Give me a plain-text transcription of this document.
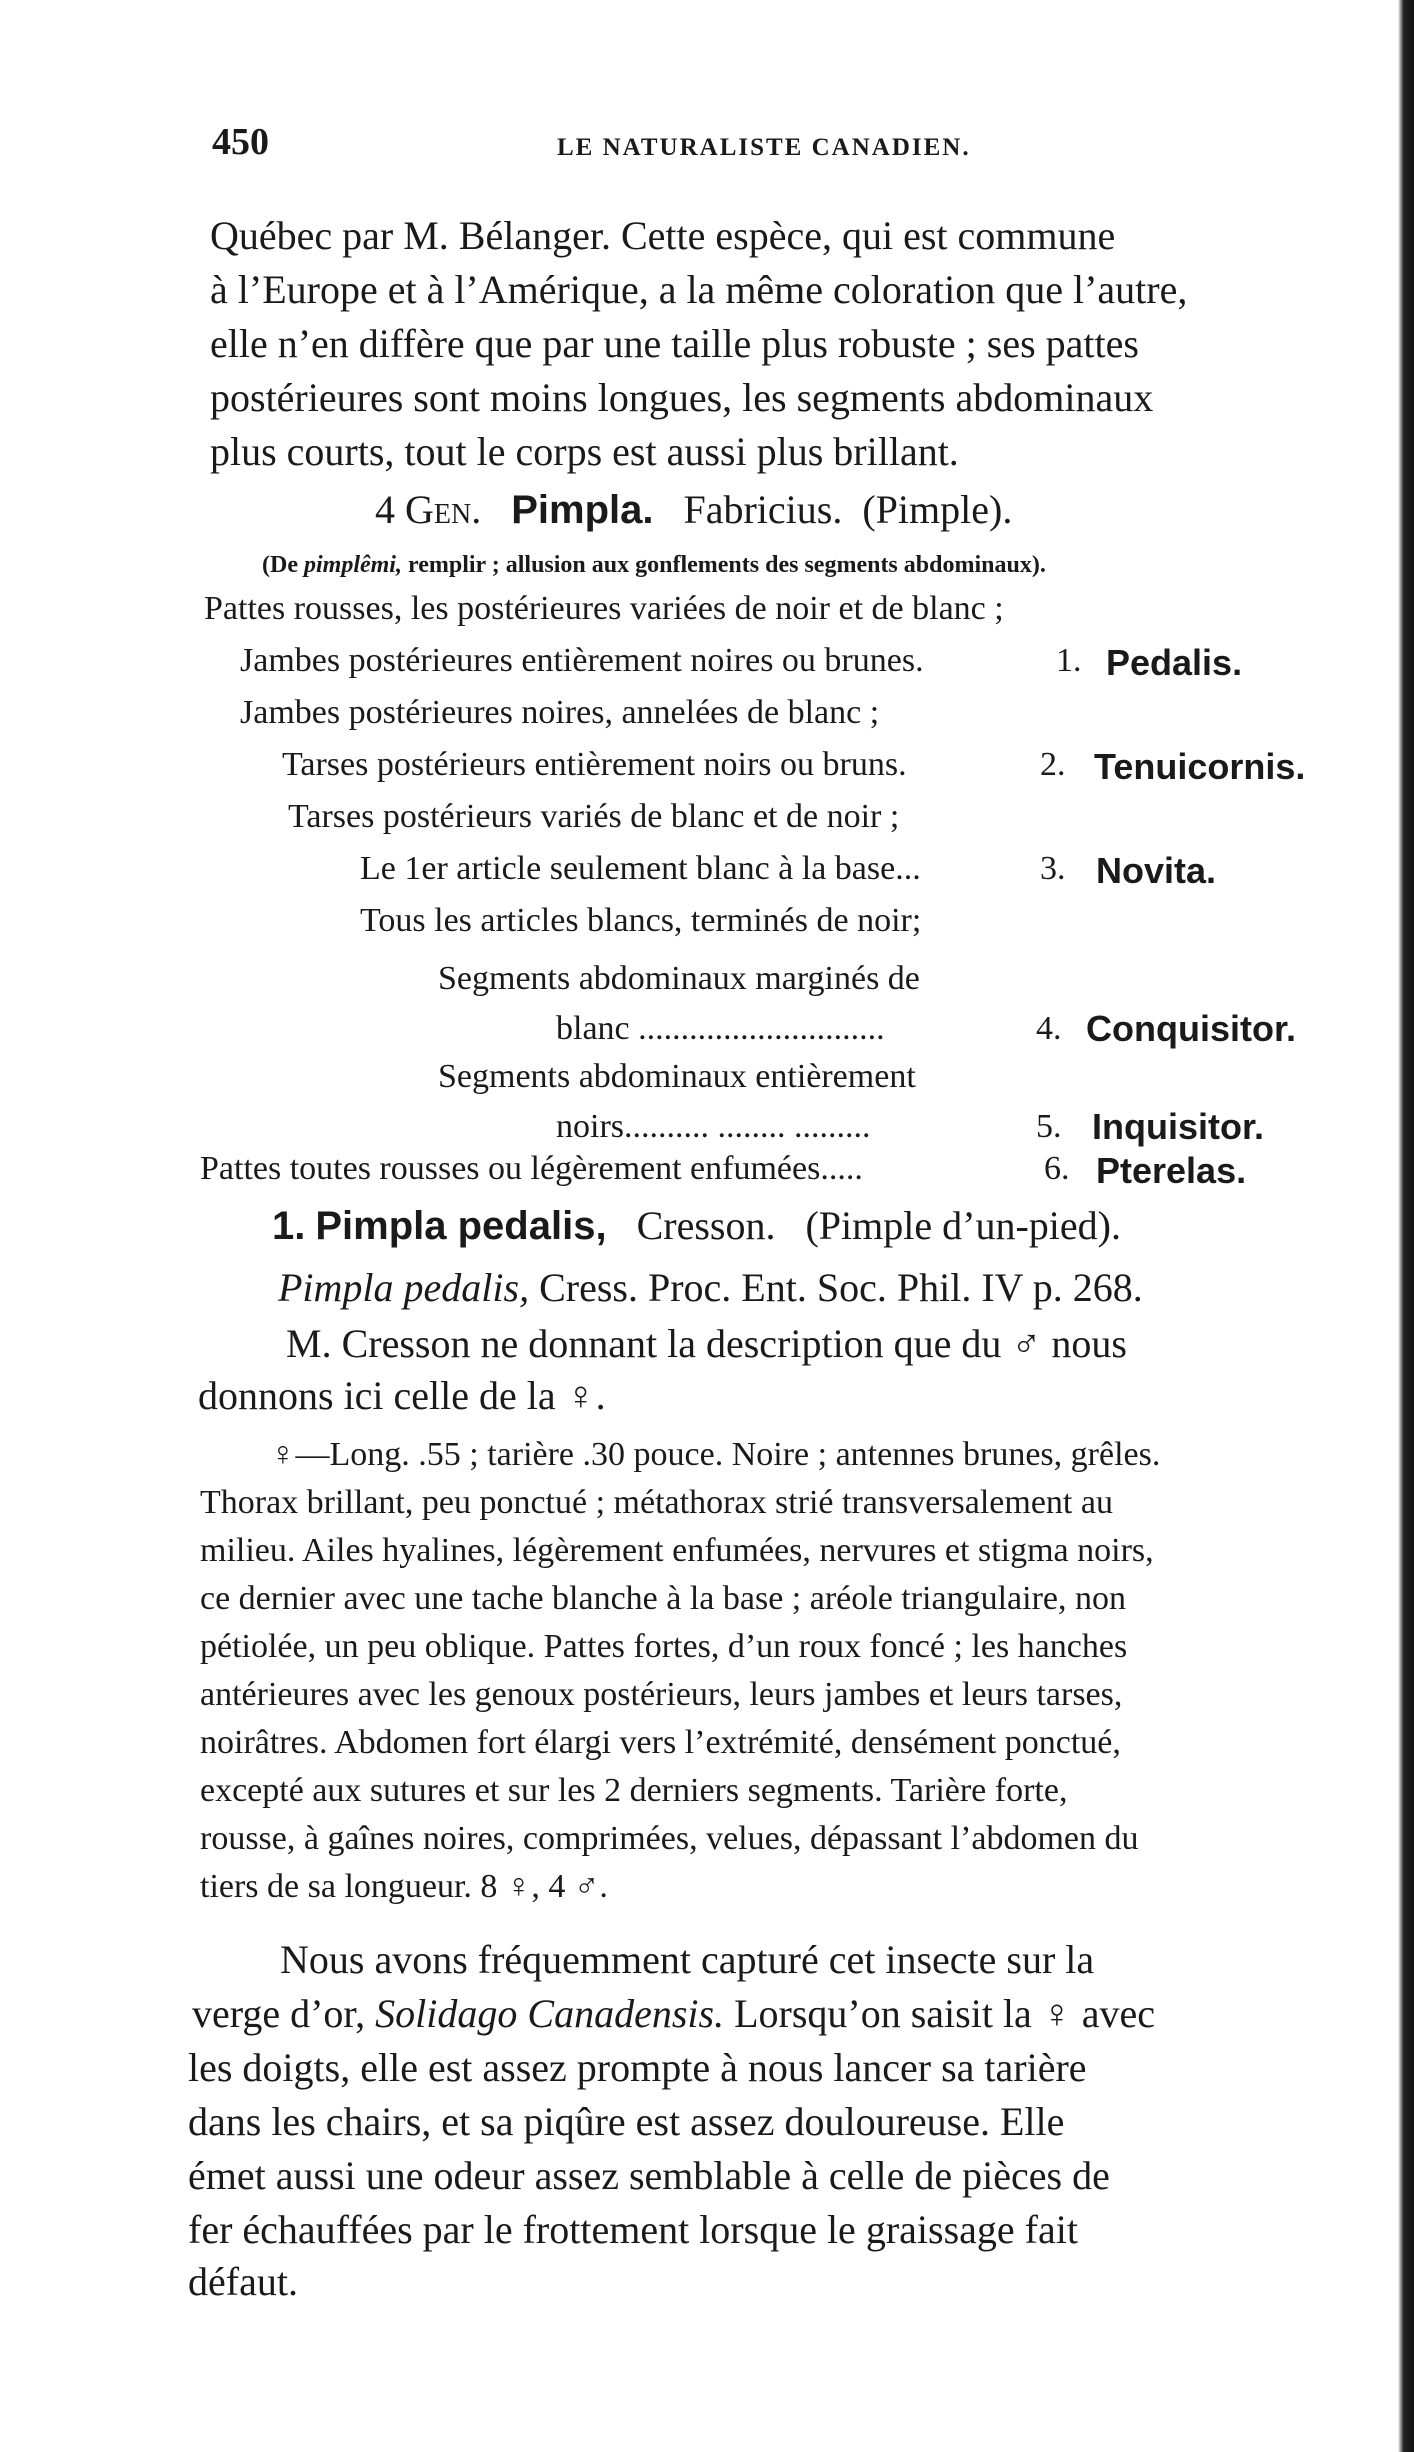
450	LE NATURALISTE CANADIEN.
Québec par M. Bélanger. Cette espèce, qui est commune
à l’Europe et à l’Amérique, a la même coloration que l’autre,
elle n’en diffère que par une taille plus robuste ; ses pattes
postérieures sont moins longues, les segments abdominaux
plus courts, tout le corps est aussi plus brillant.
4 Gen. Pimpla. Fabricius. (Pimple).
(De pimplêmi, remplir ; allusion aux gonflements des segments abdominaux).
Pattes rousses, les postérieures variées de noir et de blanc ;
Jambes postérieures entièrement noires ou brunes.	1. Pedalis.
Jambes postérieures noires, annelées de blanc ;
Tarses postérieurs entièrement noirs ou bruns.	2. Tenuicornis.
Tarses postérieurs variés de blanc et de noir ;
Le 1er article seulement blanc à la base...	3. Novita.
Tous les articles blancs, terminés de noir;
Segments abdominaux marginés de
blanc .............................	4. Conquisitor.
Segments abdominaux entièrement
noirs.......... ........ .........	5. Inquisitor.
Pattes toutes rousses ou légèrement enfumées.....	6. Pterelas.
1. Pimpla pedalis, Cresson. (Pimple d’un-pied).
Pimpla pedalis, Cress. Proc. Ent. Soc. Phil. IV p. 268.
M. Cresson ne donnant la description que du ♂ nous
donnons ici celle de la ♀.
♀—Long. .55 ; tarière .30 pouce. Noire ; antennes brunes, grêles.
Thorax brillant, peu ponctué ; métathorax strié transversalement au
milieu. Ailes hyalines, légèrement enfumées, nervures et stigma noirs,
ce dernier avec une tache blanche à la base ; aréole triangulaire, non
pétiolée, un peu oblique. Pattes fortes, d’un roux foncé ; les hanches
antérieures avec les genoux postérieurs, leurs jambes et leurs tarses,
noirâtres. Abdomen fort élargi vers l’extrémité, densément ponctué,
excepté aux sutures et sur les 2 derniers segments. Tarière forte,
rousse, à gaînes noires, comprimées, velues, dépassant l’abdomen du
tiers de sa longueur. 8 ♀, 4 ♂.
Nous avons fréquemment capturé cet insecte sur la
verge d’or, Solidago Canadensis. Lorsqu’on saisit la ♀ avec
les doigts, elle est assez prompte à nous lancer sa tarière
dans les chairs, et sa piqûre est assez douloureuse. Elle
émet aussi une odeur assez semblable à celle de pièces de
fer échauffées par le frottement lorsque le graissage fait
défaut.
